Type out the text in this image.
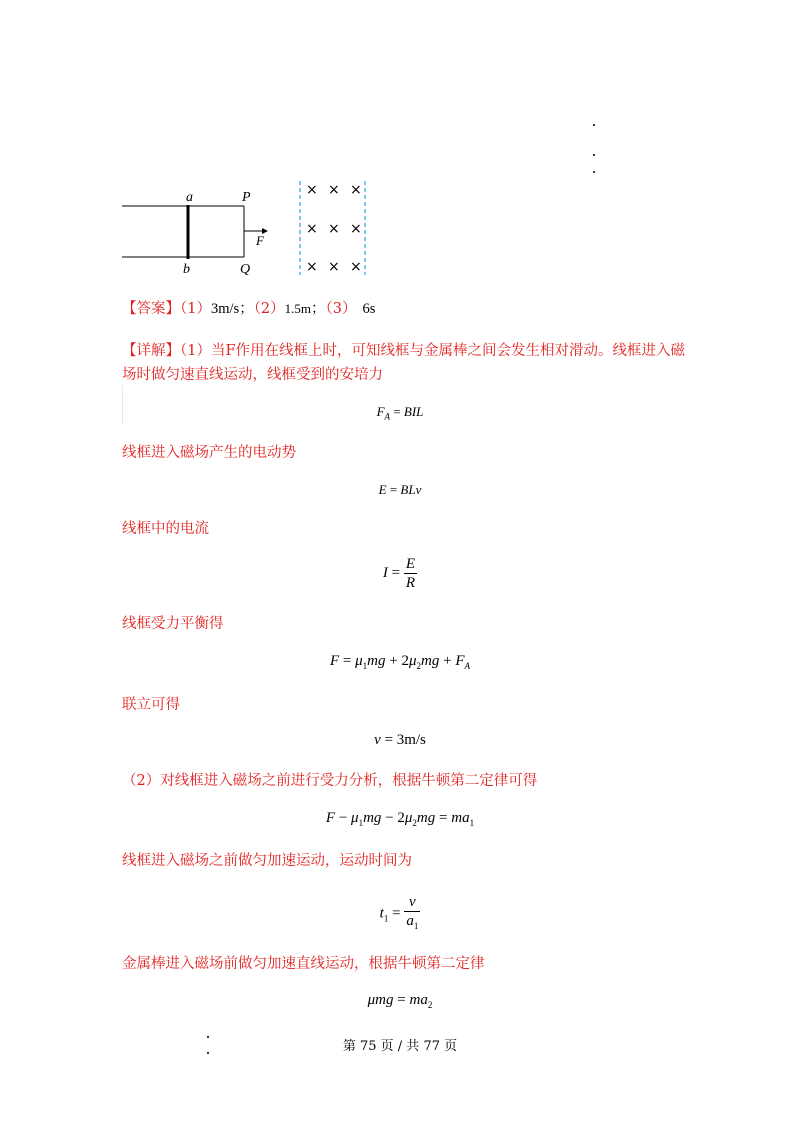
a
b
P
Q
F
× × ×
× × ×
× × ×
【答案】（1）3m/s；（2）1.5m；（3） 6s
【详解】（1）当F作用在线框上时，可知线框与金属棒之间会发生相对滑动。线框进入磁
场时做匀速直线运动，线框受到的安培力
$F_A$ = BIL
线框进入磁场产生的电动势
E = BLv
线框中的电流
$I = \frac{E}{R}$
线框受力平衡得
$F = \mu_1mg + 2\mu_2mg + F_A$
联立可得
v = 3m/s
（2）对线框进入磁场之前进行受力分析，根据牛顿第二定律可得
$F - \mu_1mg - 2\mu_2mg = ma_1$
线框进入磁场之前做匀加速运动，运动时间为
$t_1 = \frac{v}{a_1}$
金属棒进入磁场前做匀加速直线运动，根据牛顿第二定律
$\mu mg = ma_2$
第 75 页 / 共 77 页
